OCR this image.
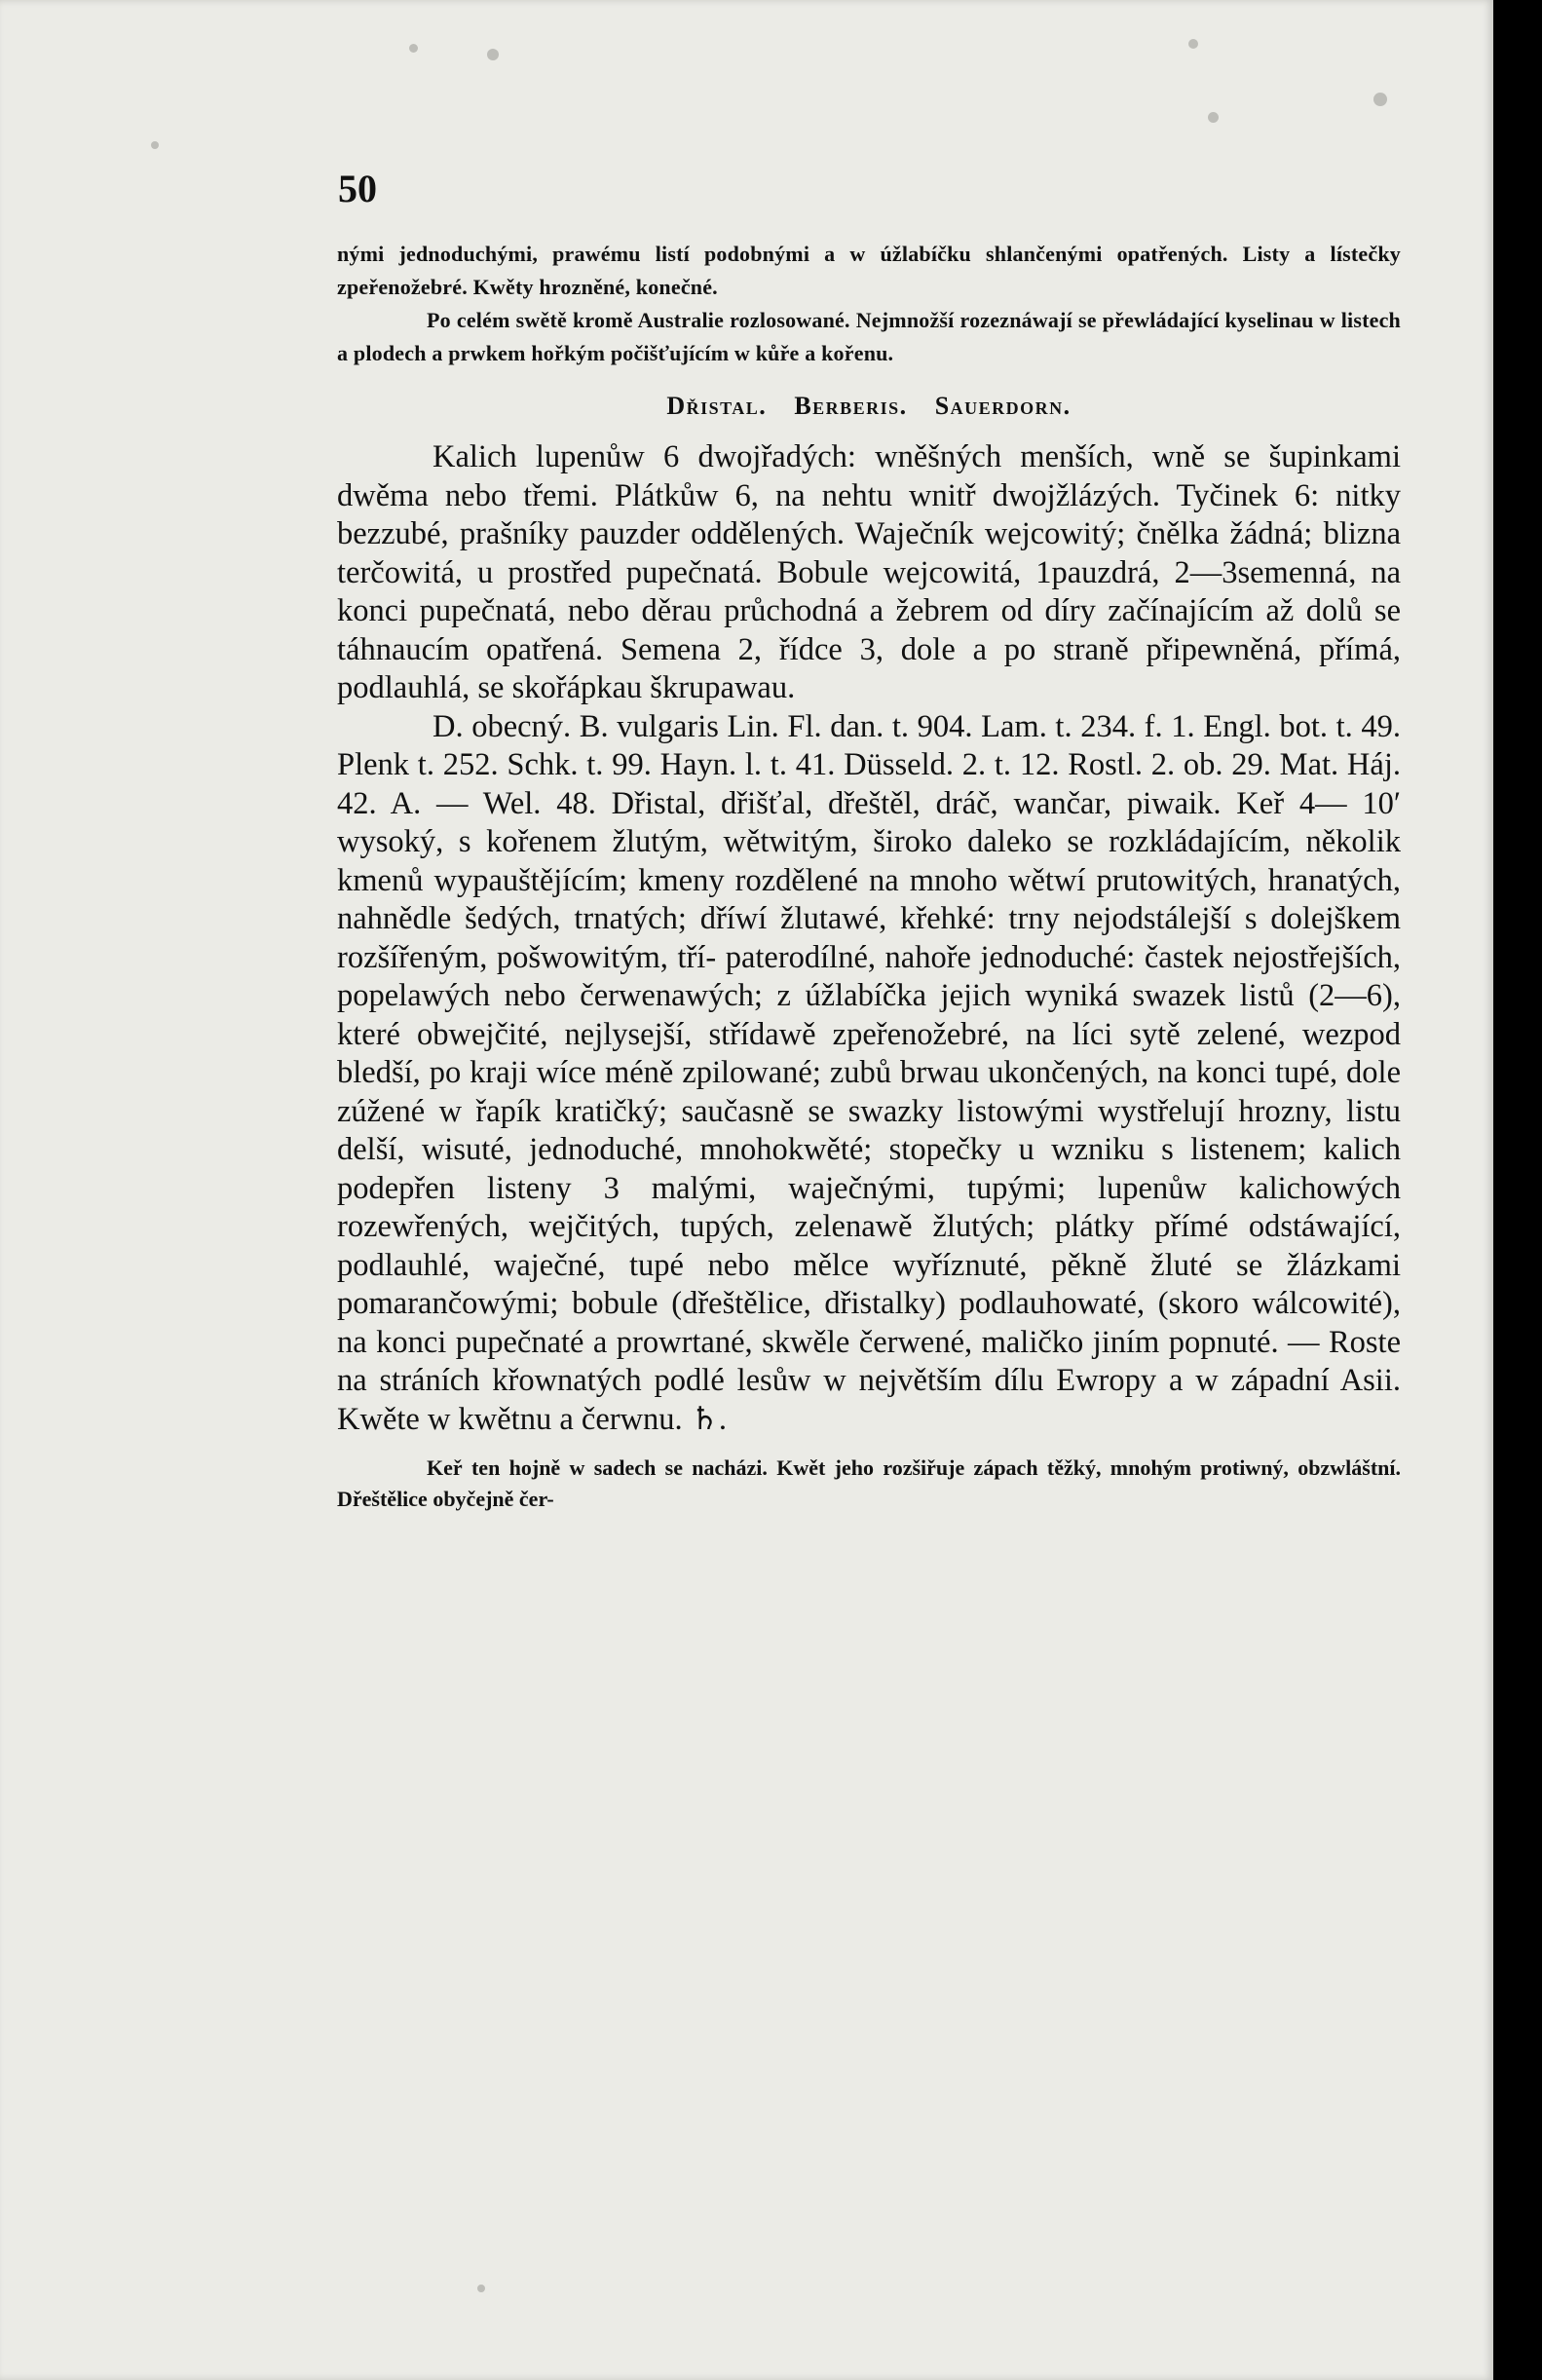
50

nými jednoduchými, prawému listí podobnými a w úžlabíčku shlančenými opatřených. Listy a lístečky zpeřenožebré. Kwěty hrozněné, konečné.

Po celém swětě kromě Australie rozlosowané. Nejmnožší rozeznáwají se přewládající kyselinau w listech a plodech a prwkem hořkým počišťujícím w kůře a kořenu.

Dřistal. Berberis. Sauerdorn.

Kalich lupenůw 6 dwojřadých: wněšných menších, wně se šupinkami dwěma nebo třemi. Plátkůw 6, na nehtu wnitř dwojžlázých. Tyčinek 6: nitky bezzubé, prašníky pauzder oddělených. Waječník wejcowitý; čnělka žádná; blizna terčowitá, u prostřed pupečnatá. Bobule wejcowitá, 1pauzdrá, 2—3semenná, na konci pupečnatá, nebo děrau průchodná a žebrem od díry začínajícím až dolů se táhnaucím opatřená. Semena 2, řídce 3, dole a po straně připewněná, přímá, podlauhlá, se skořápkau škrupawau.

D. obecný. B. vulgaris Lin. Fl. dan. t. 904. Lam. t. 234. f. 1. Engl. bot. t. 49. Plenk t. 252. Schk. t. 99. Hayn. l. t. 41. Düsseld. 2. t. 12. Rostl. 2. ob. 29. Mat. Háj. 42. A. — Wel. 48. Dřistal, dřišťal, dřeštěl, dráč, wančar, piwaik. Keř 4— 10′ wysoký, s kořenem žlutým, wětwitým, široko daleko se rozkládajícím, několik kmenů wypauštějícím; kmeny rozdělené na mnoho wětwí prutowitých, hranatých, nahnědle šedých, trnatých; dříwí žlutawé, křehké: trny nejodstálejší s dolejškem rozšířeným, pošwowitým, tří- paterodílné, nahoře jednoduché: častek nejostřejších, popelawých nebo čerwenawých; z úžlabíčka jejich wyniká swazek listů (2—6), které obwejčité, nejlysejší, střídawě zpeřenožebré, na líci sytě zelené, wezpod bledší, po kraji wíce méně zpilowané; zubů brwau ukončených, na konci tupé, dole zúžené w řapík kratičký; saučasně se swazky listowými wystřelují hrozny, listu delší, wisuté, jednoduché, mnohokwěté; stopečky u wzniku s listenem; kalich podepřen listeny 3 malými, waječnými, tupými; lupenůw kalichowých rozewřených, wejčitých, tupých, zelenawě žlutých; plátky přímé odstáwající, podlauhlé, waječné, tupé nebo mělce wyříznuté, pěkně žluté se žlázkami pomarančowými; bobule (dřeštělice, dřistalky) podlauhowaté, (skoro wálcowité), na konci pupečnaté a prowrtané, skwěle čerwené, maličko jiním popnuté. — Roste na stráních křownatých podlé lesůw w největším dílu Ewropy a w západní Asii. Kwěte w kwětnu a čerwnu. ♄.

Keř ten hojně w sadech se nacházi. Kwět jeho rozšiřuje zápach těžký, mnohým protiwný, obzwláštní. Dřeštělice obyčejně čer-
